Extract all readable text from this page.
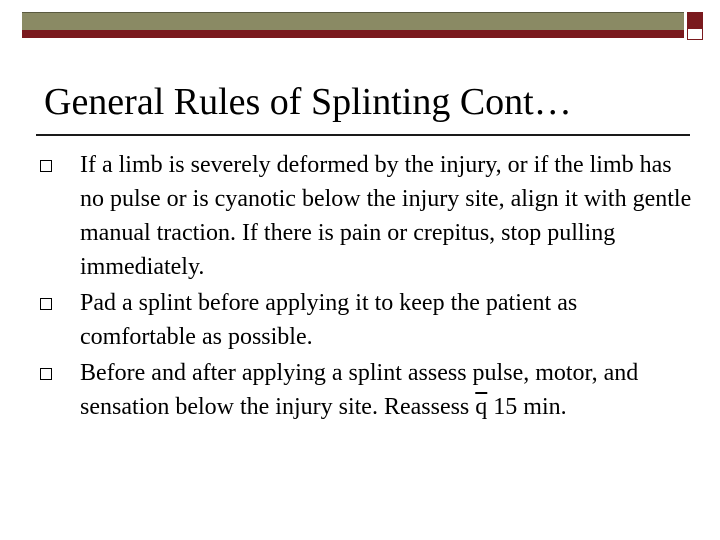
General Rules of Splinting Cont…
If a limb is severely deformed by the injury, or if the limb has no pulse or is cyanotic below the injury site, align it with gentle manual traction. If there is pain or crepitus, stop pulling immediately.
Pad a splint before applying it to keep the patient as comfortable as possible.
Before and after applying a splint assess pulse, motor, and sensation below the injury site. Reassess $\overline{q}$ 15 min.
